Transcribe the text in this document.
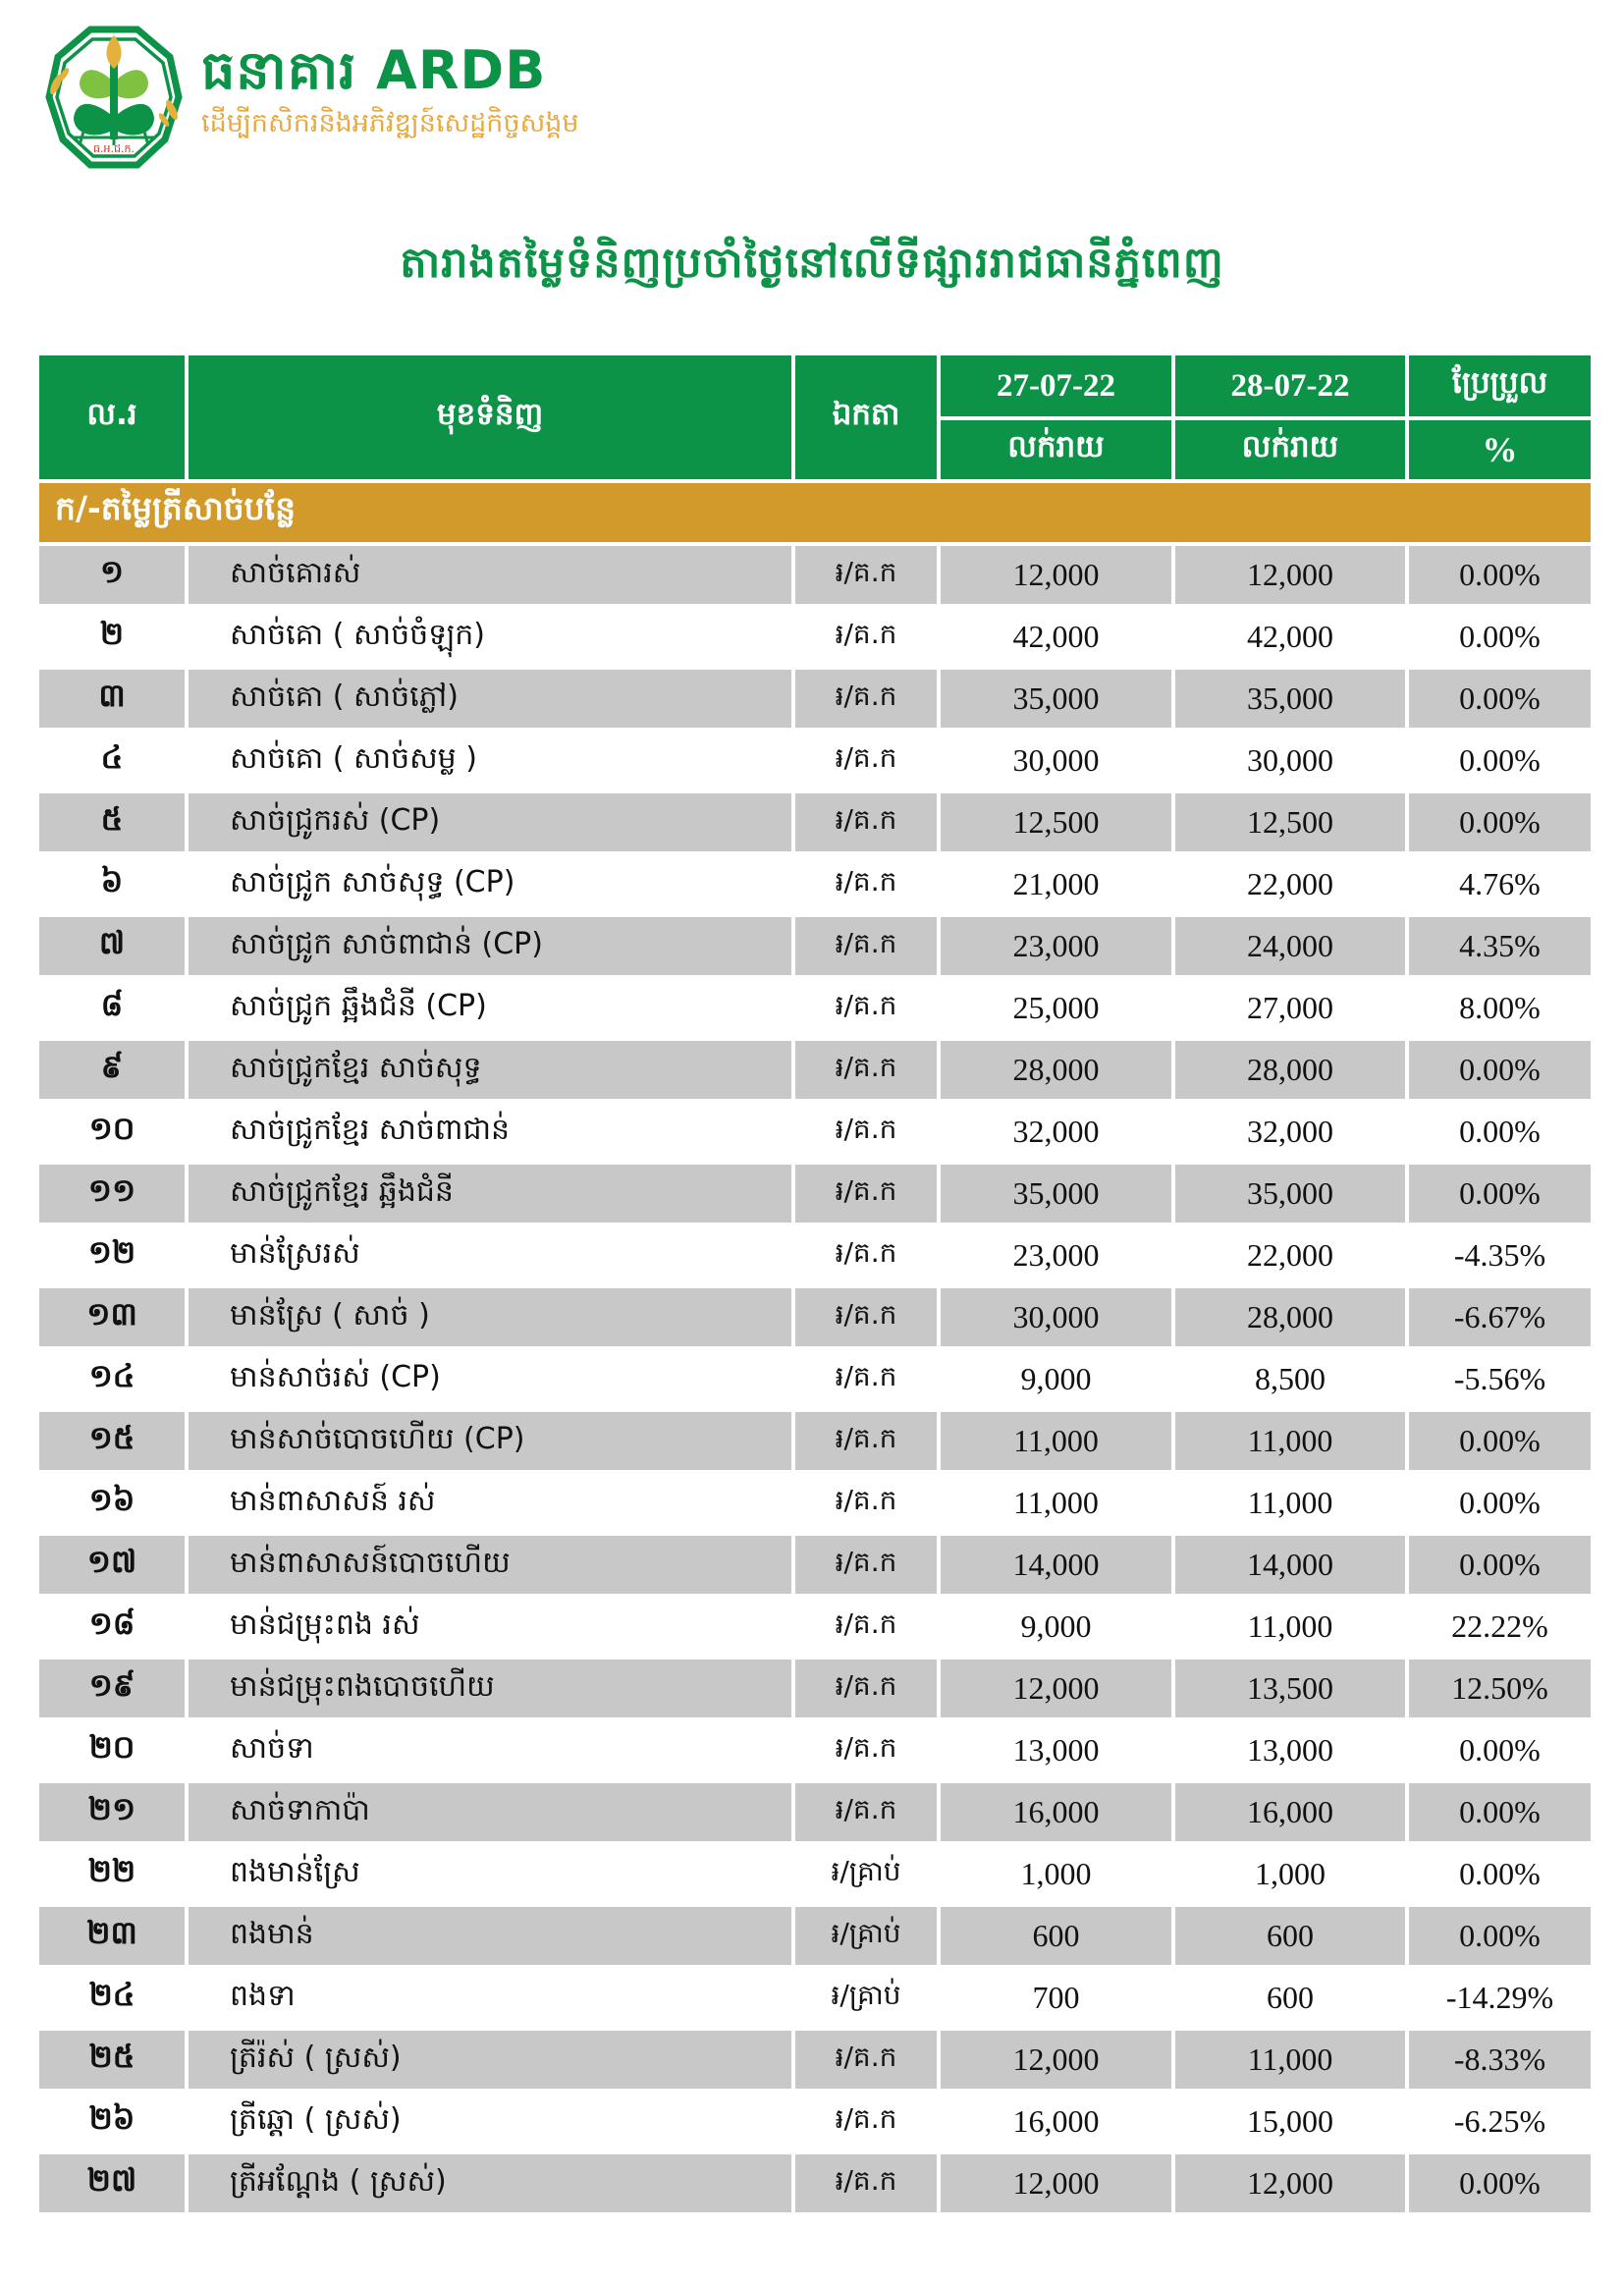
ធ.អ.ជ.ក.
ធនាគារ ARDB
ដើម្បីកសិករនិងអភិវឌ្ឍន៍សេដ្ឋកិច្ចសង្គម
តារាងតម្លៃទំនិញប្រចាំថ្ងៃនៅលើទីផ្សាររាជធានីភ្នំពេញ
ល.រ	មុខទំនិញ	ឯកតា
27-07-22	28-07-22	ប្រែប្រួល
លក់រាយ	លក់រាយ	%
ក/-តម្លៃត្រីសាច់បន្លែ
១	សាច់គោរស់	៛/គ.ក	12,000	12,000	0.00%
២	សាច់គោ ( សាច់ចំឡុក)	៛/គ.ក	42,000	42,000	0.00%
៣	សាច់គោ ( សាច់ភ្លៅ)	៛/គ.ក	35,000	35,000	0.00%
៤	សាច់គោ ( សាច់សម្ល )	៛/គ.ក	30,000	30,000	0.00%
៥	សាច់ជ្រូករស់ (CP)	៛/គ.ក	12,500	12,500	0.00%
៦	សាច់ជ្រូក សាច់សុទ្ធ (CP)	៛/គ.ក	21,000	22,000	4.76%
៧	សាច់ជ្រូក សាច់ពាជាន់ (CP)	៛/គ.ក	23,000	24,000	4.35%
៨	សាច់ជ្រូក ឆ្អឹងជំនី (CP)	៛/គ.ក	25,000	27,000	8.00%
៩	សាច់ជ្រូកខ្មែរ សាច់សុទ្ធ	៛/គ.ក	28,000	28,000	0.00%
១០	សាច់ជ្រូកខ្មែរ សាច់ពាជាន់	៛/គ.ក	32,000	32,000	0.00%
១១	សាច់ជ្រូកខ្មែរ ឆ្អឹងជំនី	៛/គ.ក	35,000	35,000	0.00%
១២	មាន់ស្រែរស់	៛/គ.ក	23,000	22,000	-4.35%
១៣	មាន់ស្រែ ( សាច់ )	៛/គ.ក	30,000	28,000	-6.67%
១៤	មាន់សាច់រស់ (CP)	៛/គ.ក	9,000	8,500	-5.56%
១៥	មាន់សាច់បោចហើយ (CP)	៛/គ.ក	11,000	11,000	0.00%
១៦	មាន់ពាសាសន៍ រស់	៛/គ.ក	11,000	11,000	0.00%
១៧	មាន់ពាសាសន៍បោចហើយ	៛/គ.ក	14,000	14,000	0.00%
១៨	មាន់ជម្រុះពង រស់	៛/គ.ក	9,000	11,000	22.22%
១៩	មាន់ជម្រុះពងបោចហើយ	៛/គ.ក	12,000	13,500	12.50%
២០	សាច់ទា	៛/គ.ក	13,000	13,000	0.00%
២១	សាច់ទាកាប៉ា	៛/គ.ក	16,000	16,000	0.00%
២២	ពងមាន់ស្រែ	៛/គ្រាប់	1,000	1,000	0.00%
២៣	ពងមាន់	៛/គ្រាប់	600	600	0.00%
២៤	ពងទា	៛/គ្រាប់	700	600	-14.29%
២៥	ត្រីរ៉ស់ ( ស្រស់)	៛/គ.ក	12,000	11,000	-8.33%
២៦	ត្រីឆ្ដោ ( ស្រស់)	៛/គ.ក	16,000	15,000	-6.25%
២៧	ត្រីអណ្ដែង ( ស្រស់)	៛/គ.ក	12,000	12,000	0.00%
